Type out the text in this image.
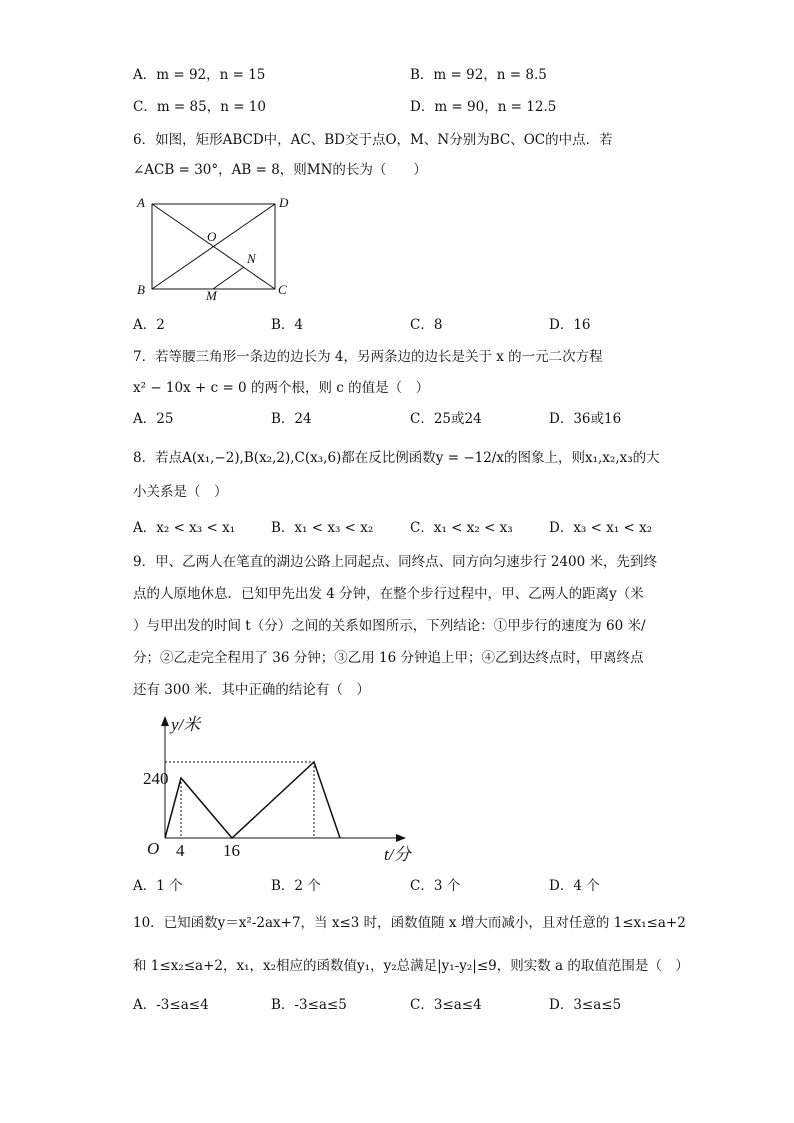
A．m = 92，n = 15	B．m = 92，n = 8.5
C．m = 85，n = 10	D．m = 90，n = 12.5
6．如图，矩形ABCD中，AC、BD交于点O，M、N分别为BC、OC的中点．若
∠ACB = 30°，AB = 8，则MN的长为（　　）
A	D
B	C
O
N
M
y/米
t/分
O
240
4 16
A．2	B．4	C．8	D．16
7．若等腰三角形一条边的边长为 4，另两条边的边长是关于 x 的一元二次方程
x² − 10x + c = 0 的两个根，则 c 的值是（　）
A．25	B．24	C．25或24	D．36或16
8．若点A(x₁,−2),B(x₂,2),C(x₃,6)都在反比例函数y = −12/x的图象上，则x₁,x₂,x₃的大
小关系是（　）
A．x₂ < x₃ < x₁	B．x₁ < x₃ < x₂	C．x₁ < x₂ < x₃	D．x₃ < x₁ < x₂
9．甲、乙两人在笔直的湖边公路上同起点、同终点、同方向匀速步行 2400 米，先到终
点的人原地休息．已知甲先出发 4 分钟，在整个步行过程中，甲、乙两人的距离y（米
）与甲出发的时间 t（分）之间的关系如图所示，下列结论：①甲步行的速度为 60 米/
分；②乙走完全程用了 36 分钟；③乙用 16 分钟追上甲；④乙到达终点时，甲离终点
还有 300 米．其中正确的结论有（　）
A．1 个	B．2 个	C．3 个	D．4 个
10．已知函数y＝x²-2ax+7，当 x≤3 时，函数值随 x 增大而减小，且对任意的 1≤x₁≤a+2
和 1≤x₂≤a+2，x₁，x₂相应的函数值y₁，y₂总满足|y₁-y₂|≤9，则实数 a 的取值范围是（　）
A．-3≤a≤4	B．-3≤a≤5	C．3≤a≤4	D．3≤a≤5
